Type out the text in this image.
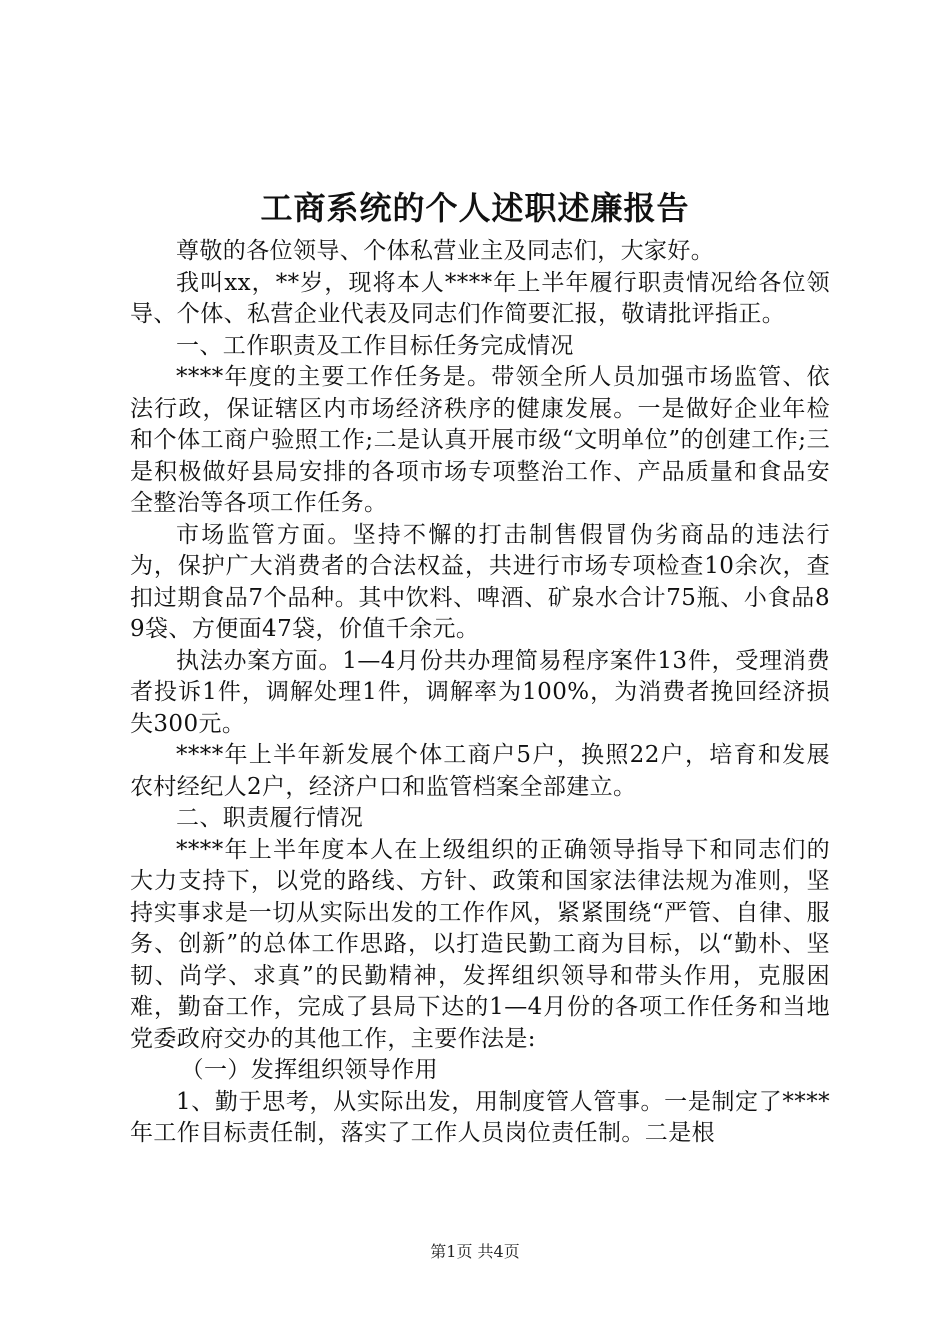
工商系统的个人述职述廉报告

尊敬的各位领导、个体私营业主及同志们，大家好。

我叫xx，**岁，现将本人****年上半年履行职责情况给各位领导、个体、私营企业代表及同志们作简要汇报，敬请批评指正。

一、工作职责及工作目标任务完成情况

****年度的主要工作任务是。带领全所人员加强市场监管、依法行政，保证辖区内市场经济秩序的健康发展。一是做好企业年检和个体工商户验照工作;二是认真开展市级“文明单位”的创建工作;三是积极做好县局安排的各项市场专项整治工作、产品质量和食品安全整治等各项工作任务。

市场监管方面。坚持不懈的打击制售假冒伪劣商品的违法行为，保护广大消费者的合法权益，共进行市场专项检查10余次，查扣过期食品7个品种。其中饮料、啤酒、矿泉水合计75瓶、小食品89袋、方便面47袋，价值千余元。

执法办案方面。1—4月份共办理简易程序案件13件，受理消费者投诉1件，调解处理1件，调解率为100%，为消费者挽回经济损失300元。

****年上半年新发展个体工商户5户，换照22户，培育和发展农村经纪人2户，经济户口和监管档案全部建立。

二、职责履行情况

****年上半年度本人在上级组织的正确领导指导下和同志们的大力支持下，以党的路线、方针、政策和国家法律法规为准则，坚持实事求是一切从实际出发的工作作风，紧紧围绕“严管、自律、服务、创新”的总体工作思路，以打造民勤工商为目标，以“勤朴、坚韧、尚学、求真”的民勤精神，发挥组织领导和带头作用，克服困难，勤奋工作，完成了县局下达的1—4月份的各项工作任务和当地党委政府交办的其他工作，主要作法是:

（一）发挥组织领导作用

1、勤于思考，从实际出发，用制度管人管事。一是制定了****年工作目标责任制，落实了工作人员岗位责任制。二是根

第1页 共4页
